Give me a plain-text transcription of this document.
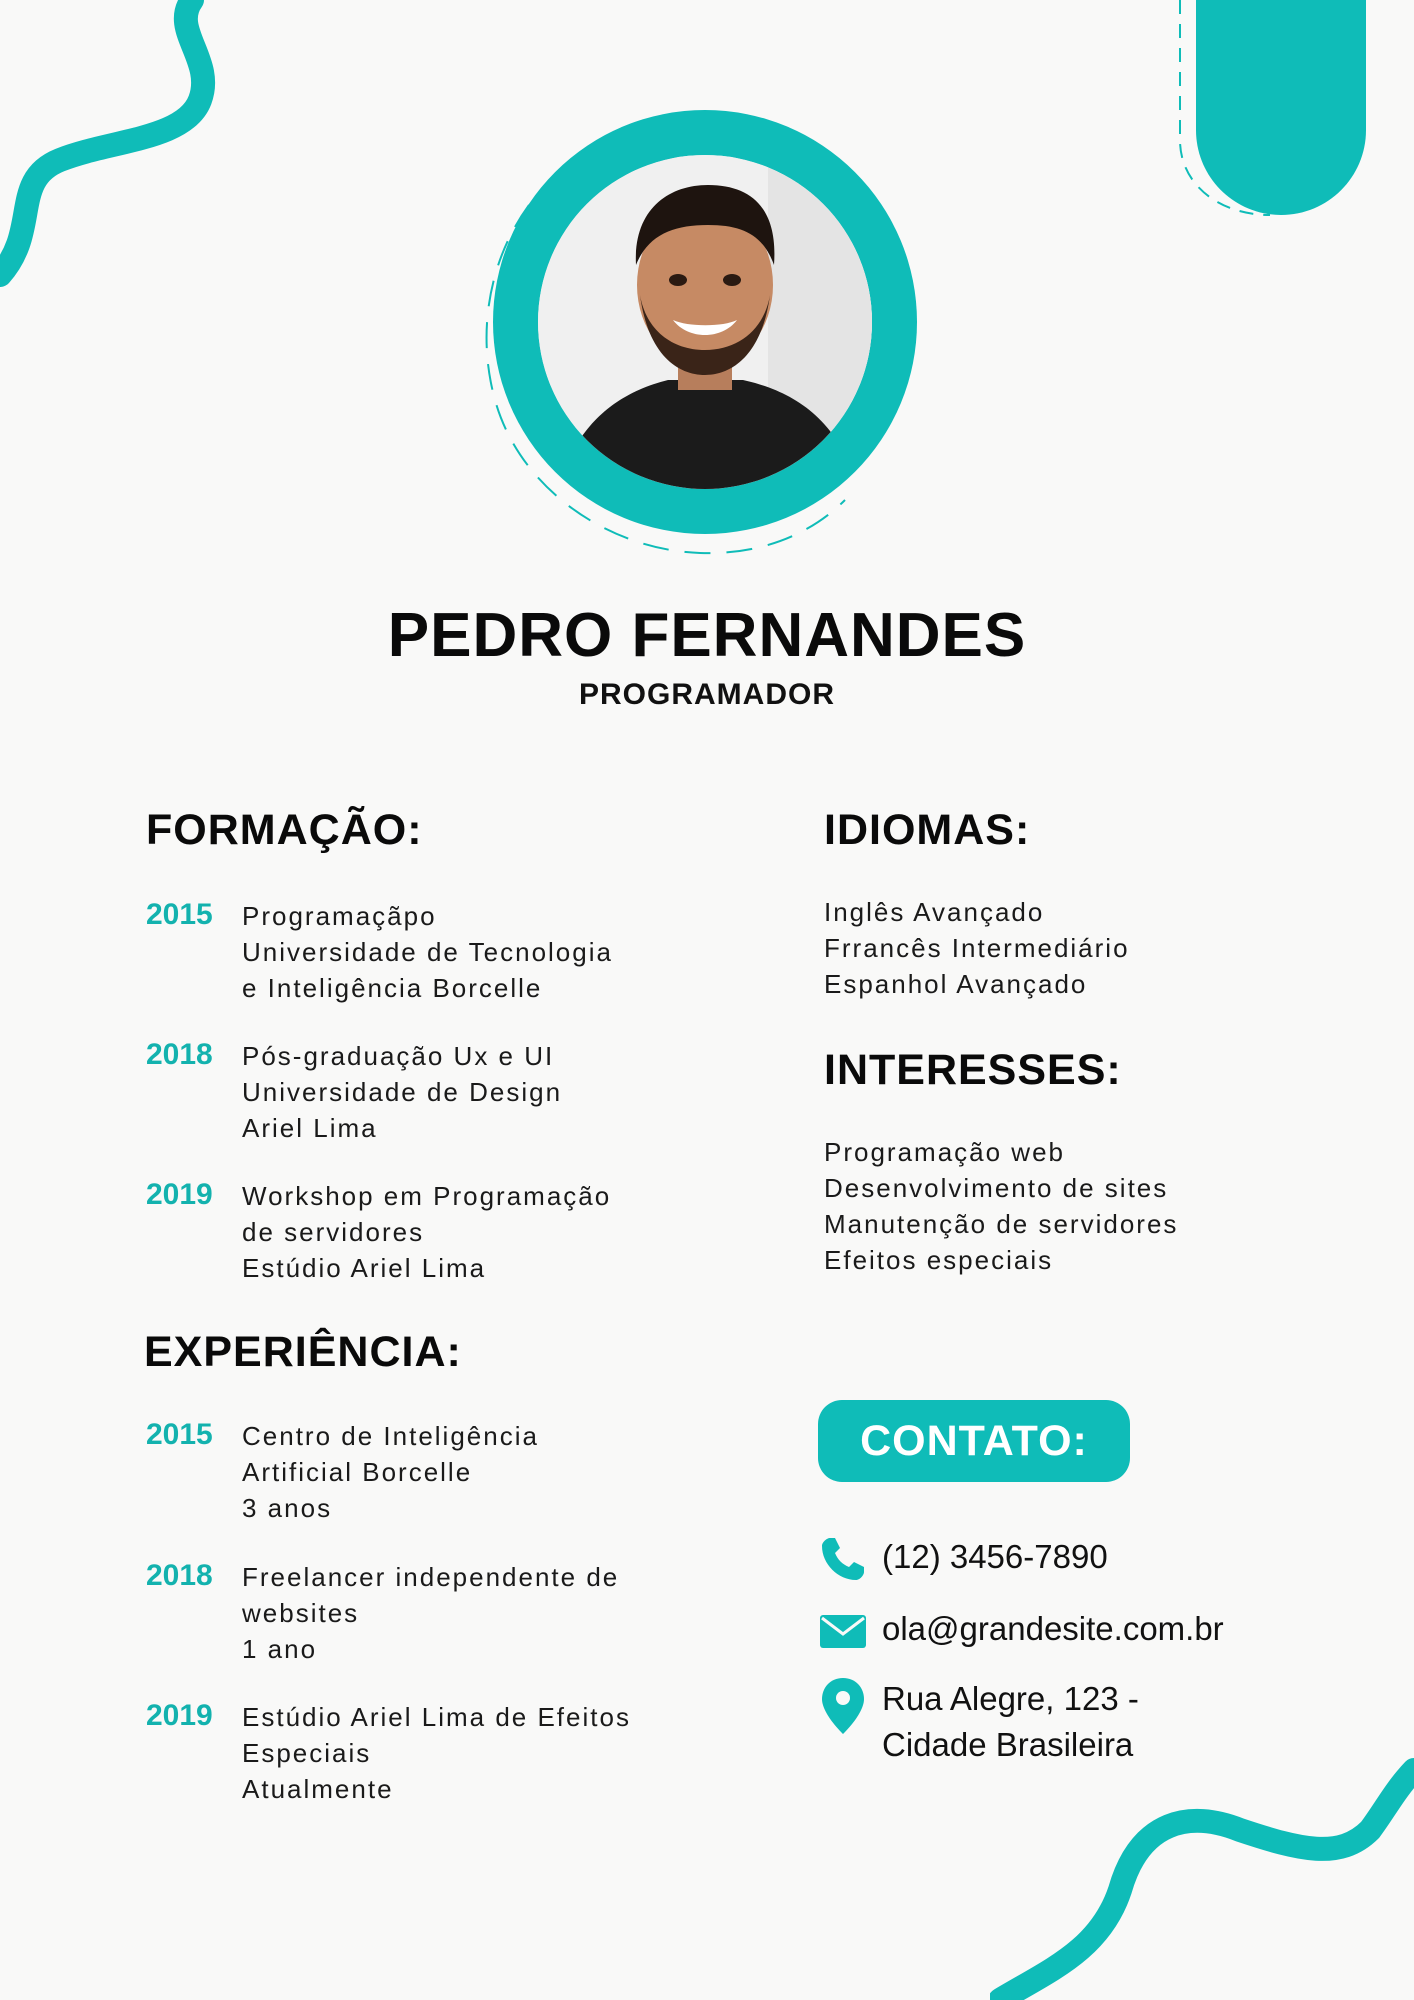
PEDRO FERNANDES
PROGRAMADOR
FORMAÇÃO:
2015 Programaçãpo
Universidade de Tecnologia
e Inteligência Borcelle
2018 Pós-graduação Ux e UI
Universidade de Design
Ariel Lima
2019 Workshop em Programação
de servidores
Estúdio Ariel Lima
EXPERIÊNCIA:
2015 Centro de Inteligência
Artificial Borcelle
3 anos
2018 Freelancer independente de
websites
1 ano
2019 Estúdio Ariel Lima de Efeitos
Especiais
Atualmente
IDIOMAS:
Inglês Avançado
Frrancês Intermediário
Espanhol Avançado
INTERESSES:
Programação web
Desenvolvimento de sites
Manutenção de servidores
Efeitos especiais
CONTATO:
(12) 3456-7890
ola@grandesite.com.br
Rua Alegre, 123 -
Cidade Brasileira
